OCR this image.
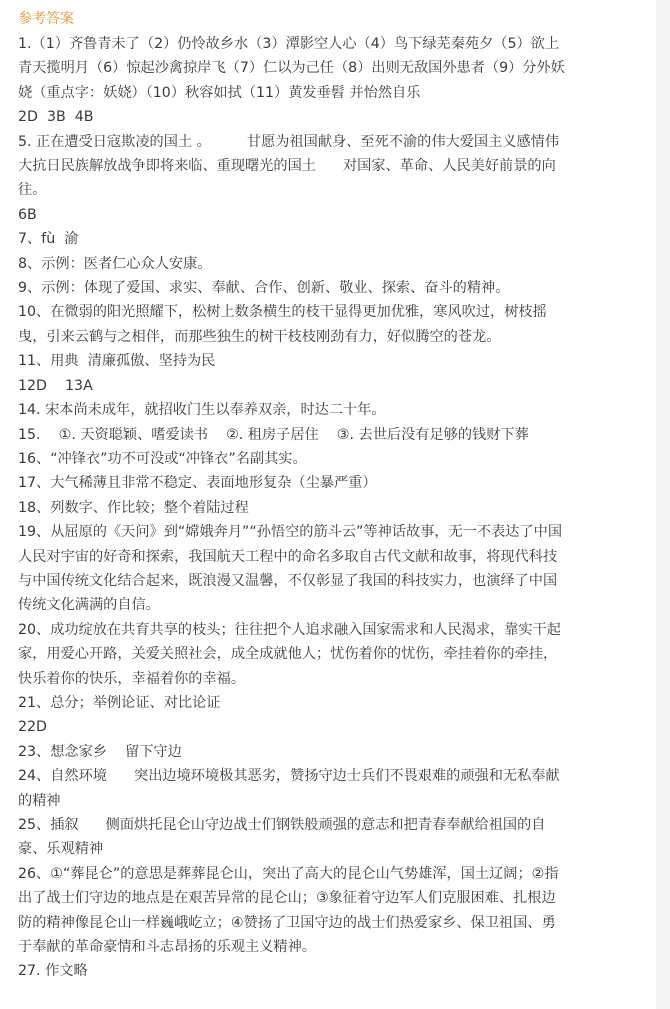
参考答案
1.（1）齐鲁青未了（2）仍怜故乡水（3）潭影空人心（4）鸟下绿芜秦苑夕（5）欲上
青天揽明月（6）惊起沙禽掠岸飞（7）仁以为己任（8）出则无敌国外患者（9）分外妖
娆（重点字：妖娆）（10）秋容如拭（11）黄发垂髫 并怡然自乐
2D  3B  4B
5. 正在遭受日寇欺凌的国土 。        甘愿为祖国献身、至死不渝的伟大爱国主义感情伟
大抗日民族解放战争即将来临、重现曙光的国土      对国家、革命、人民美好前景的向
往。
6B
7、fù  渝
8、示例：医者仁心众人安康。
9、示例：体现了爱国、求实、奉献、合作、创新、敬业、探索、奋斗的精神。
10、在微弱的阳光照耀下，松树上数条横生的枝干显得更加优雅，寒风吹过，树枝摇
曳，引来云鹤与之相伴，而那些独生的树干枝枝刚劲有力，好似腾空的苍龙。
11、用典  清廉孤傲、坚持为民
12D    13A
14. 宋本尚未成年，就招收门生以奉养双亲，时达二十年。
15.    ①. 天资聪颖、嗜爱读书    ②. 租房子居住    ③. 去世后没有足够的钱财下葬
16、“冲锋衣”功不可没或“冲锋衣”名副其实。
17、大气稀薄且非常不稳定、表面地形复杂（尘暴严重）
18、列数字、作比较；整个着陆过程
19、从屈原的《天问》到“嫦娥奔月”“孙悟空的筋斗云”等神话故事，无一不表达了中国
人民对宇宙的好奇和探索，我国航天工程中的命名多取自古代文献和故事，将现代科技
与中国传统文化结合起来，既浪漫又温馨，不仅彰显了我国的科技实力，也演绎了中国
传统文化满满的自信。
20、成功绽放在共育共享的枝头；往往把个人追求融入国家需求和人民渴求，靠实干起
家，用爱心开路，关爱关照社会，成全成就他人；忧伤着你的忧伤，牵挂着你的牵挂，
快乐着你的快乐，幸福着你的幸福。
21、总分；举例论证、对比论证
22D
23、想念家乡    留下守边
24、自然环境      突出边境环境极其恶劣，赞扬守边士兵们不畏艰难的顽强和无私奉献
的精神
25、插叙      侧面烘托昆仑山守边战士们钢铁般顽强的意志和把青春奉献给祖国的自
豪、乐观精神
26、①“葬昆仑”的意思是葬葬昆仑山，突出了高大的昆仑山气势雄浑，国土辽阔；②指
出了战士们守边的地点是在艰苦异常的昆仑山；③象征着守边军人们克服困难、扎根边
防的精神像昆仑山一样巍峨屹立；④赞扬了卫国守边的战士们热爱家乡、保卫祖国、勇
于奉献的革命豪情和斗志昂扬的乐观主义精神。
27. 作文略
